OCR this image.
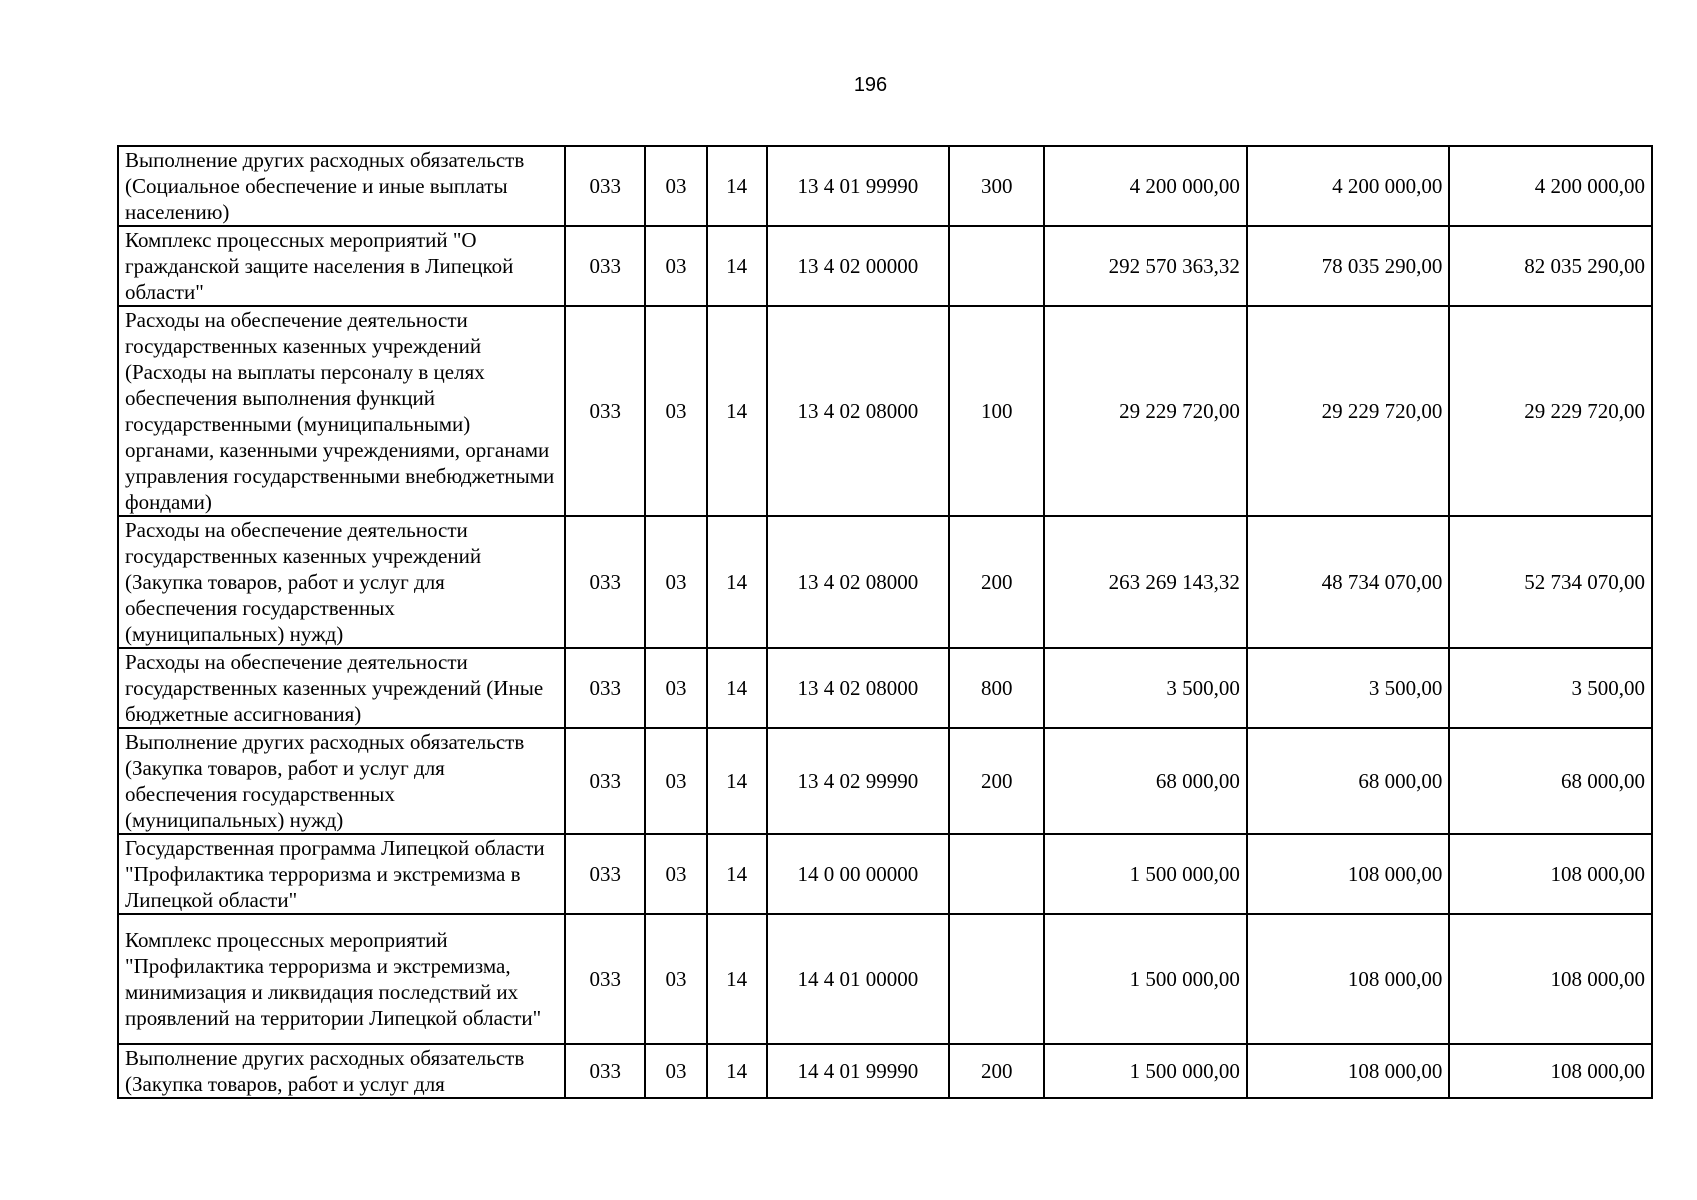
196
Выполнение других расходных обязательств (Социальное обеспечение и иные выплаты населению)	033	03	14	13 4 01 99990	300	4 200 000,00	4 200 000,00	4 200 000,00
Комплекс процессных мероприятий "О гражданской защите населения в Липецкой области"	033	03	14	13 4 02 00000		292 570 363,32	78 035 290,00	82 035 290,00
Расходы на обеспечение деятельности государственных казенных учреждений (Расходы на выплаты персоналу в целях обеспечения выполнения функций государственными (муниципальными) органами, казенными учреждениями, органами управления государственными внебюджетными фондами)	033	03	14	13 4 02 08000	100	29 229 720,00	29 229 720,00	29 229 720,00
Расходы на обеспечение деятельности государственных казенных учреждений (Закупка товаров, работ и услуг для обеспечения государственных (муниципальных) нужд)	033	03	14	13 4 02 08000	200	263 269 143,32	48 734 070,00	52 734 070,00
Расходы на обеспечение деятельности государственных казенных учреждений (Иные бюджетные ассигнования)	033	03	14	13 4 02 08000	800	3 500,00	3 500,00	3 500,00
Выполнение других расходных обязательств (Закупка товаров, работ и услуг для обеспечения государственных (муниципальных) нужд)	033	03	14	13 4 02 99990	200	68 000,00	68 000,00	68 000,00
Государственная программа Липецкой области "Профилактика терроризма и экстремизма в Липецкой области"	033	03	14	14 0 00 00000		1 500 000,00	108 000,00	108 000,00
Комплекс процессных мероприятий "Профилактика терроризма и экстремизма, минимизация и ликвидация последствий их проявлений на территории Липецкой области"	033	03	14	14 4 01 00000		1 500 000,00	108 000,00	108 000,00
Выполнение других расходных обязательств (Закупка товаров, работ и услуг для	033	03	14	14 4 01 99990	200	1 500 000,00	108 000,00	108 000,00
